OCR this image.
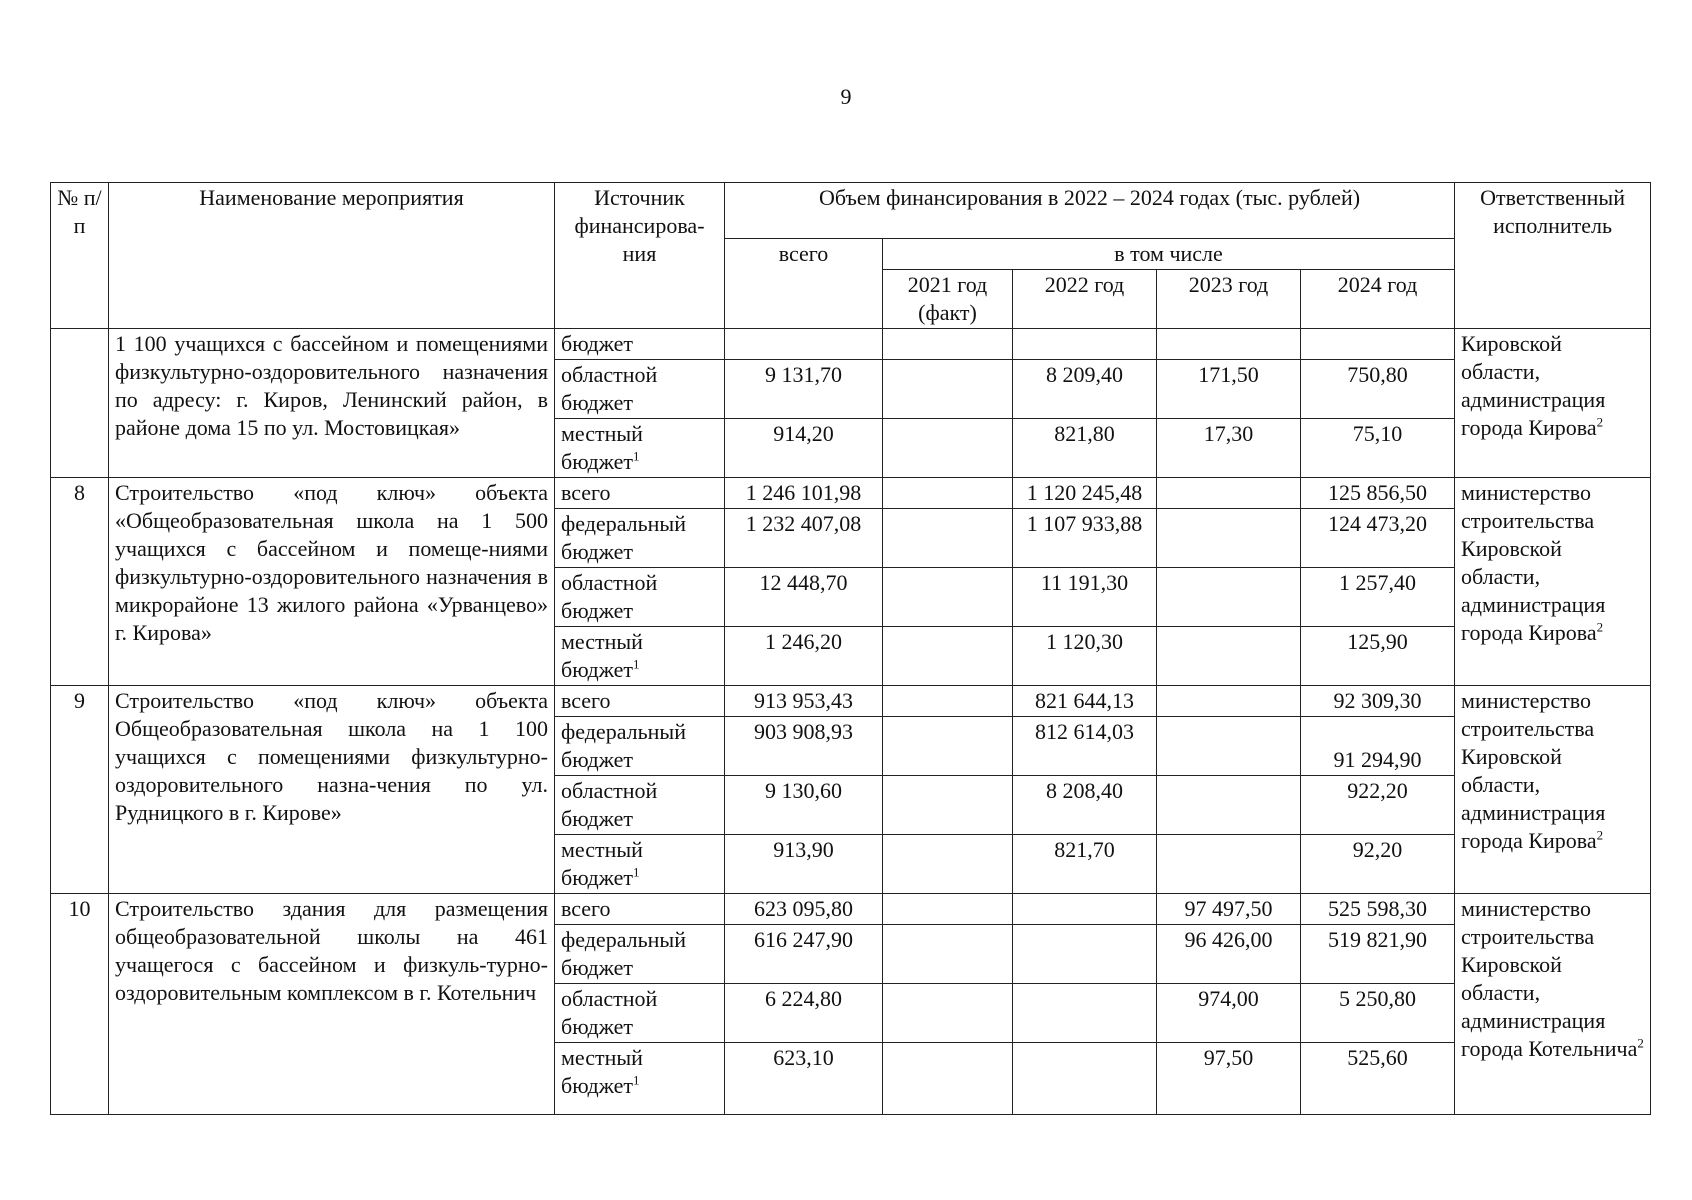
9
№ п/п	Наименование мероприятия	Источник финансирова-ния	Объем финансирования в 2022 – 2024 годах (тыс. рублей)					Ответственный исполнитель
			всего	в том числе				
				2021 год (факт)	2022 год	2023 год	2024 год	
	1 100 учащихся с бассейном и помещениями физкультурно-оздоровительного назначения по адресу: г. Киров, Ленинский район, в районе дома 15 по ул. Мостовицкая»	бюджет						Кировской области, администрация города Кирова$^2$
		областной бюджет	9 131,70		8 209,40	171,50	750,80	
		местный бюджет$^1$	914,20		821,80	17,30	75,10	
8	Строительство «под ключ» объекта «Общеобразовательная школа на 1 500 учащихся с бассейном и помеще-ниями физкультурно-оздоровительного назначения в микрорайоне 13 жилого района «Урванцево» г. Кирова»	всего	1 246 101,98		1 120 245,48		125 856,50	министерство строительства Кировской области, администрация города Кирова$^2$
		федеральный бюджет	1 232 407,08		1 107 933,88		124 473,20	
		областной бюджет	12 448,70		11 191,30		1 257,40	
		местный бюджет$^1$	1 246,20		1 120,30		125,90	
9	Строительство «под ключ» объекта Общеобразовательная школа на 1 100 учащихся с помещениями физкультурно-оздоровительного назна-чения по ул. Рудницкого в г. Кирове»	всего	913 953,43		821 644,13		92 309,30	министерство строительства Кировской области, администрация города Кирова$^2$
		федеральный бюджет	903 908,93		812 614,03		91 294,90	
		областной бюджет	9 130,60		8 208,40		922,20	
		местный бюджет$^1$	913,90		821,70		92,20	
10	Строительство здания для размещения общеобразовательной школы на 461 учащегося с бассейном и физкуль-турно-оздоровительным комплексом в г. Котельнич	всего	623 095,80			97 497,50	525 598,30	министерство строительства Кировской области, администрация города Котельнича$^2$
		федеральный бюджет	616 247,90			96 426,00	519 821,90	
		областной бюджет	6 224,80			974,00	5 250,80	
		местный бюджет$^1$	623,10			97,50	525,60	
